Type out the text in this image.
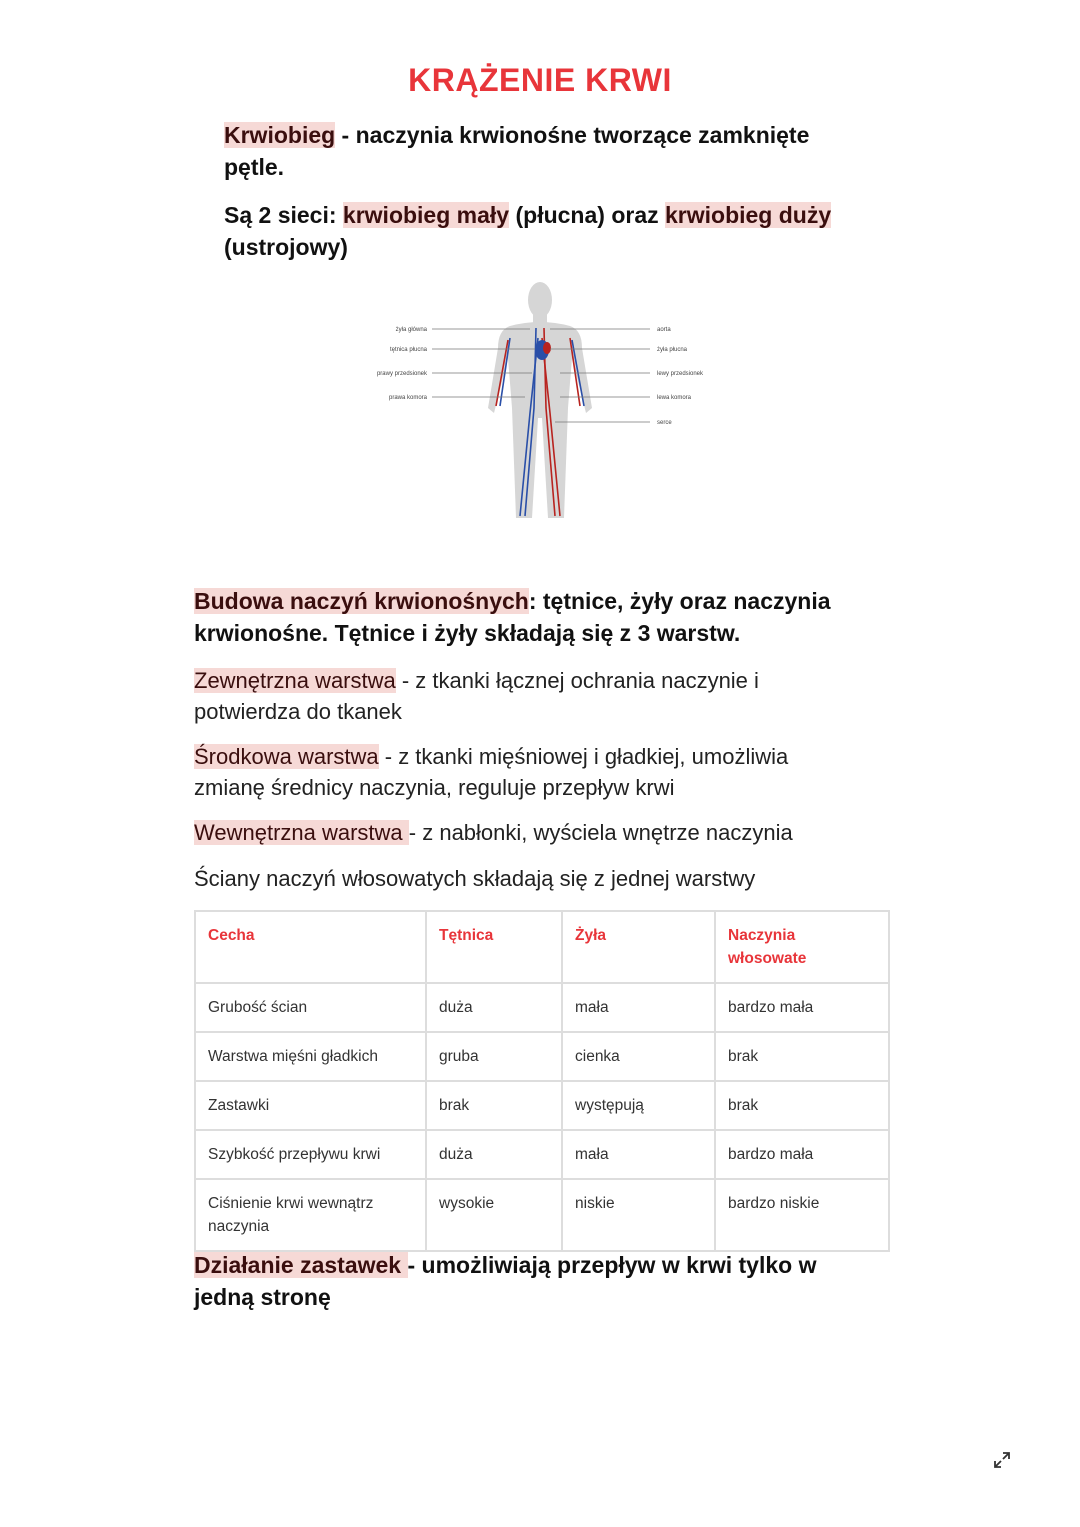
KRĄŻENIE KRWI
Krwiobieg - naczynia krwionośne tworzące zamknięte pętle.
Są 2 sieci: krwiobieg mały (płucna) oraz krwiobieg duży (ustrojowy)
żyła główna
tętnica płucna
prawy przedsionek
prawa komora
aorta
żyła płucna
lewy przedsionek
lewa komora
serce
Budowa naczyń krwionośnych: tętnice, żyły oraz naczynia krwionośne. Tętnice i żyły składają się z 3 warstw.
Zewnętrzna warstwa - z tkanki łącznej ochrania naczynie i potwierdza do tkanek
Środkowa warstwa - z tkanki mięśniowej i gładkiej, umożliwia zmianę średnicy naczynia, reguluje przepływ krwi
Wewnętrzna warstwa - z nabłonki, wyściela wnętrze naczynia
Ściany naczyń włosowatych składają się z jednej warstwy
Cecha	Tętnica	Żyła	Naczynia włosowate
Grubość ścian	duża	mała	bardzo mała
Warstwa mięśni gładkich	gruba	cienka	brak
Zastawki	brak	występują	brak
Szybkość przepływu krwi	duża	mała	bardzo mała
Ciśnienie krwi wewnątrz naczynia	wysokie	niskie	bardzo niskie
Działanie zastawek - umożliwiają przepływ w krwi tylko w jedną stronę
